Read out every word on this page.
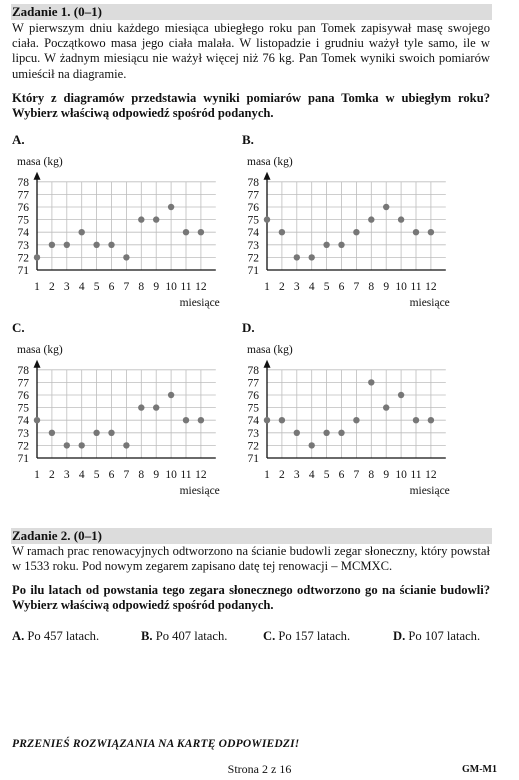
Zadanie 1. (0–1)
W pierwszym dniu każdego miesiąca ubiegłego roku pan Tomek zapisywał masę swojego ciała. Początkowo masa jego ciała malała. W listopadzie i grudniu ważył tyle samo, ile w lipcu. W żadnym miesiącu nie ważył więcej niż 76 kg. Pan Tomek wyniki swoich pomiarów umieścił na diagramie.
Który z diagramów przedstawia wyniki pomiarów pana Tomka w ubiegłym roku? Wybierz właściwą odpowiedź spośród podanych.
A.
masa (kg)
71
72
73
74
75
76
77
78
1 2 3 4 5 6 7 8 9 10 11 12
miesiące
B.
masa (kg)
71
72
73
74
75
76
77
78
1 2 3 4 5 6 7 8 9 10 11 12
miesiące
C.
masa (kg)
71
72
73
74
75
76
77
78
1 2 3 4 5 6 7 8 9 10 11 12
miesiące
D.
masa (kg)
71
72
73
74
75
76
77
78
1 2 3 4 5 6 7 8 9 10 11 12
miesiące
Zadanie 2. (0–1)
W ramach prac renowacyjnych odtworzono na ścianie budowli zegar słoneczny, który powstał w 1533 roku. Pod nowym zegarem zapisano datę tej renowacji – MCMXC.
Po ilu latach od powstania tego zegara słonecznego odtworzono go na ścianie budowli? Wybierz właściwą odpowiedź spośród podanych.
A. Po 457 latach.	B. Po 407 latach.	C. Po 157 latach.	D. Po 107 latach.
PRZENIEŚ ROZWIĄZANIA NA KARTĘ ODPOWIEDZI!
Strona 2 z 16	GM-M1
